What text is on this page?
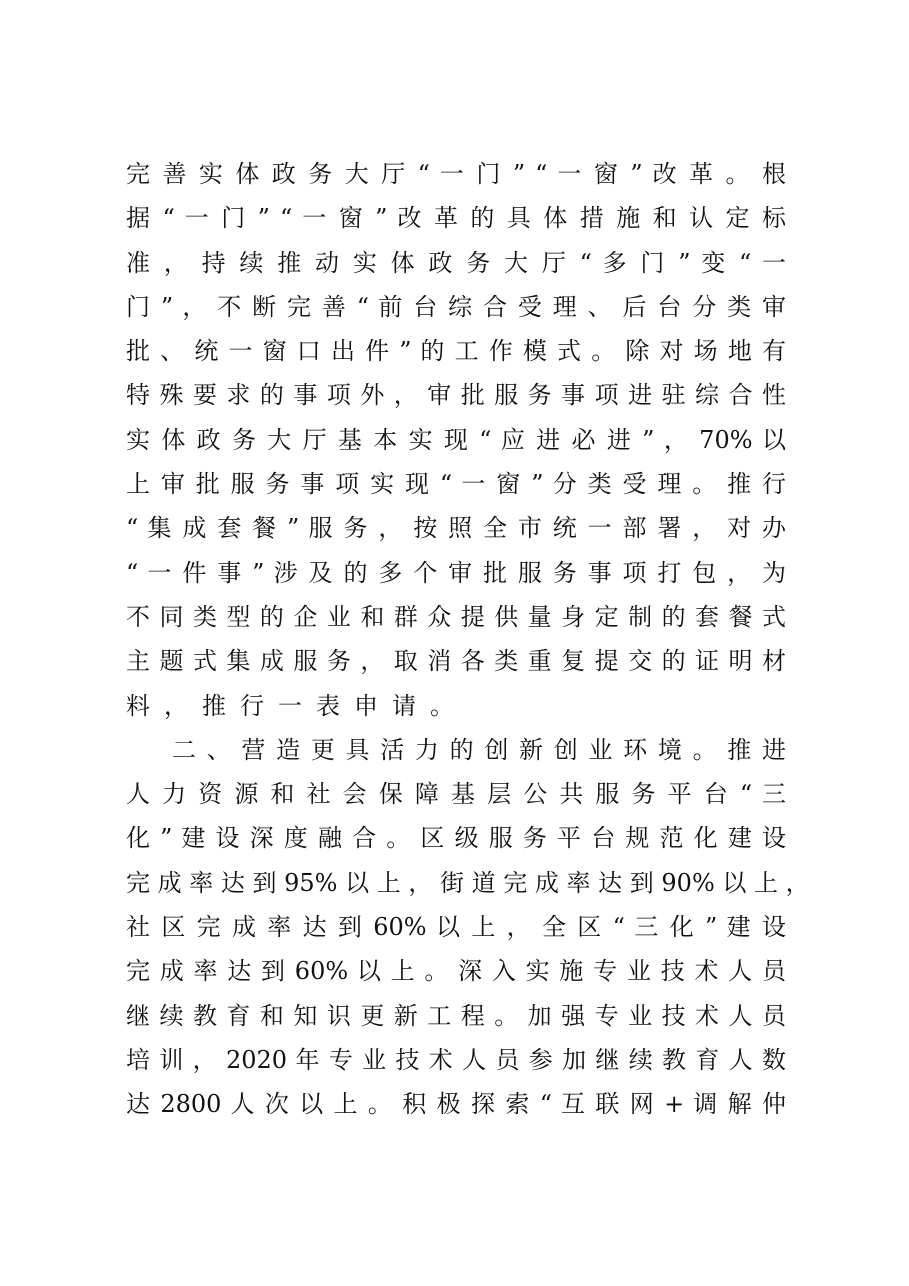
完 善 实 体 政 务 大 厅 “ 一 门 ” “ 一 窗 ” 改 革 。 根
据 “ 一 门 ” “ 一 窗 ” 改 革 的 具 体 措 施 和 认 定 标
准 ， 持 续 推 动 实 体 政 务 大 厅 “ 多 门 ” 变 “ 一
门 ” ， 不 断 完 善 “ 前 台 综 合 受 理 、 后 台 分 类 审
批 、 统 一 窗 口 出 件 ” 的 工 作 模 式 。 除 对 场 地 有
特 殊 要 求 的 事 项 外 ， 审 批 服 务 事 项 进 驻 综 合 性
实 体 政 务 大 厅 基 本 实 现 “ 应 进 必 进 ” ， 70% 以
上 审 批 服 务 事 项 实 现 “ 一 窗 ” 分 类 受 理 。 推 行
“ 集 成 套 餐 ” 服 务 ， 按 照 全 市 统 一 部 署 ， 对 办
“ 一 件 事 ” 涉 及 的 多 个 审 批 服 务 事 项 打 包 ， 为
不 同 类 型 的 企 业 和 群 众 提 供 量 身 定 制 的 套 餐 式
主 题 式 集 成 服 务 ， 取 消 各 类 重 复 提 交 的 证 明 材
料，推行一表申请。
二 、 营 造 更 具 活 力 的 创 新 创 业 环 境 。 推 进
人 力 资 源 和 社 会 保 障 基 层 公 共 服 务 平 台 “ 三
化 ” 建 设 深 度 融 合 。 区 级 服 务 平 台 规 范 化 建 设
完 成 率 达 到 95% 以 上 ， 街 道 完 成 率 达 到 90% 以 上 ，
社 区 完 成 率 达 到 60% 以 上 ， 全 区 “ 三 化 ” 建 设
完 成 率 达 到 60% 以 上 。 深 入 实 施 专 业 技 术 人 员
继 续 教 育 和 知 识 更 新 工 程 。 加 强 专 业 技 术 人 员
培 训 ， 2020 年 专 业 技 术 人 员 参 加 继 续 教 育 人 数
达 2800 人 次 以 上 。 积 极 探 索 “ 互 联 网 + 调 解 仲
